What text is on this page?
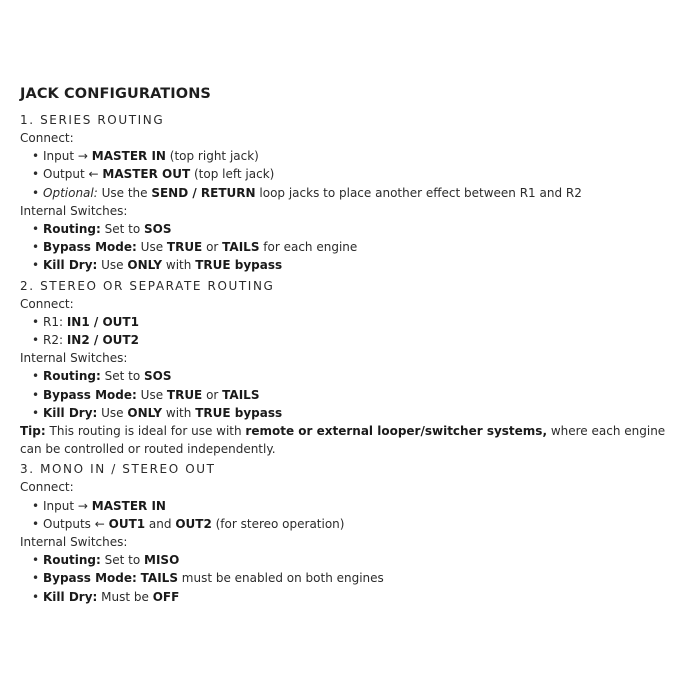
JACK CONFIGURATIONS
1. SERIES ROUTING
Connect:
• Input → MASTER IN (top right jack)
• Output ← MASTER OUT (top left jack)
• Optional: Use the SEND / RETURN loop jacks to place another effect between R1 and R2
Internal Switches:
• Routing: Set to SOS
• Bypass Mode: Use TRUE or TAILS for each engine
• Kill Dry: Use ONLY with TRUE bypass
2. STEREO OR SEPARATE ROUTING
Connect:
• R1: IN1 / OUT1
• R2: IN2 / OUT2
Internal Switches:
• Routing: Set to SOS
• Bypass Mode: Use TRUE or TAILS
• Kill Dry: Use ONLY with TRUE bypass
Tip: This routing is ideal for use with remote or external looper/switcher systems, where each engine can be controlled or routed independently.
3. MONO IN / STEREO OUT
Connect:
• Input → MASTER IN
• Outputs ← OUT1 and OUT2 (for stereo operation)
Internal Switches:
• Routing: Set to MISO
• Bypass Mode: TAILS must be enabled on both engines
• Kill Dry: Must be OFF
